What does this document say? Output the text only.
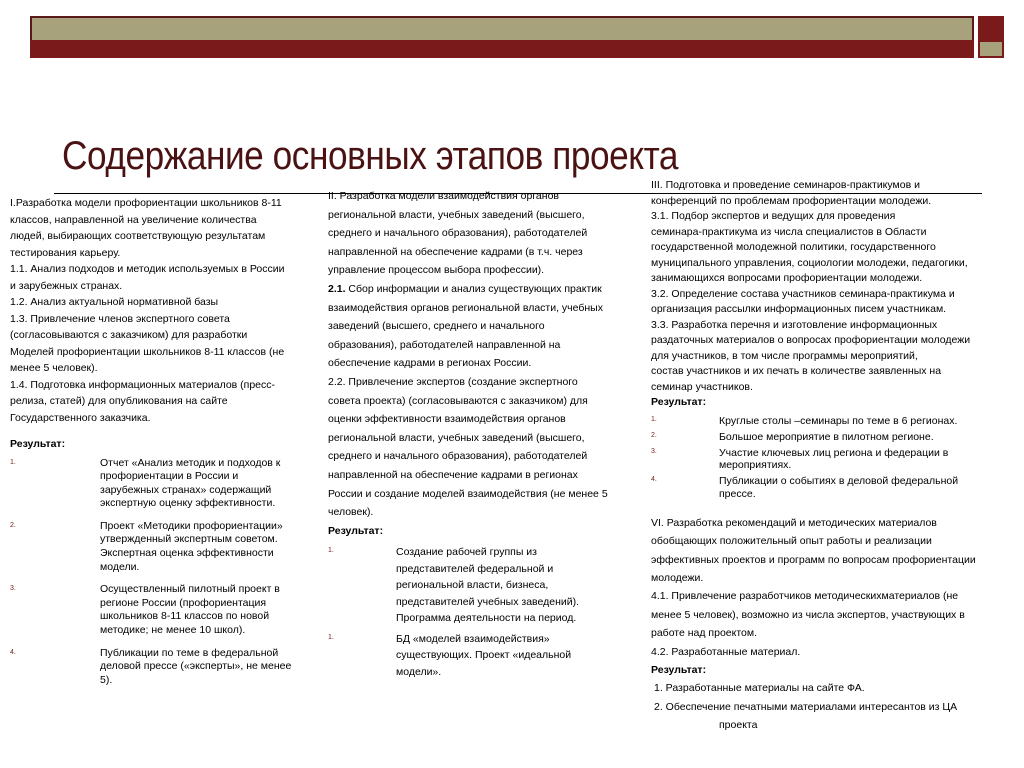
Содержание основных этапов проекта

I.Разработка модели профориентации школьников 8-11

классов, направленной на увеличение количества

людей, выбирающих соответствующую результатам

тестирования карьеру.

1.1. Анализ подходов и методик используемых в России

и зарубежных странах.

1.2. Анализ актуальной нормативной базы

1.3. Привлечение членов экспертного совета

(согласовываются с заказчиком) для разработки

Моделей профориентации школьников 8-11 классов (не

менее 5 человек).

1.4. Подготовка информационных материалов (пресс-

релиза, статей) для опубликования на сайте

Государственного заказчика.

Результат:

1.	Отчет «Анализ методик и подходов к профориентации в России и зарубежных странах» содержащий экспертную оценку эффективности.
2.	Проект «Методики профориентации» утвержденный экспертным советом. Экспертная оценка эффективности модели.
3.	Осуществленный пилотный проект в регионе России (профориентация школьников 8-11 классов по новой методике; не менее 10 школ).
4.	Публикации по теме в федеральной деловой прессе («эксперты», не менее 5).

II. Разработка модели взаимодействия органов

региональной власти, учебных заведений (высшего,

среднего и начального образования), работодателей

направленной на обеспечение кадрами (в т.ч. через

управление процессом выбора профессии).

2.1. Сбор информации и анализ существующих практик

взаимодействия органов региональной власти, учебных

заведений (высшего, среднего и начального

образования), работодателей направленной на

обеспечение кадрами в регионах России.

2.2. Привлечение экспертов (создание экспертного

совета проекта) (согласовываются с заказчиком) для

оценки эффективности взаимодействия органов

региональной власти, учебных заведений (высшего,

среднего и начального образования), работодателей

направленной на обеспечение кадрами в регионах

России и создание моделей взаимодействия (не менее 5

человек).

Результат:

1.	Создание рабочей группы из представителей федеральной и региональной власти, бизнеса, представителей учебных заведений). Программа деятельности на период.
1.	БД «моделей взаимодействия» существующих. Проект «идеальной модели».

III. Подготовка и проведение семинаров-практикумов и

конференций по проблемам профориентации молодежи.

3.1. Подбор экспертов и ведущих для проведения

семинара-практикума из числа специалистов в Области

государственной молодежной политики, государственного

муниципального управления, социологии молодежи, педагогики,

занимающихся вопросами профориентации молодежи.

3.2. Определение состава участников семинара-практикума и

организация рассылки информационных писем участникам.

3.3. Разработка перечня и изготовление информационных

раздаточных материалов о вопросах профориентации молодежи

для участников, в том числе программы мероприятий,

состав участников и их печать в количестве заявленных на

семинар участников.

Результат:

1.	Круглые столы –семинары по теме в 6 регионах.
2.	Большое мероприятие в пилотном регионе.
3.	Участие ключевых лиц региона и федерации в мероприятиях.
4.	Публикации о событиях в деловой федеральной прессе.

VI. Разработка рекомендаций и методических материалов

обобщающих положительный опыт работы и реализации

эффективных проектов и программ по вопросам профориентации

молодежи.

4.1. Привлечение разработчиков методическихматериалов (не

менее 5 человек), возможно из числа экспертов, участвующих в

работе над проектом.

4.2. Разработанные материал.

Результат:

1. Разработанные материалы на сайте ФА.

2. Обеспечение печатными материалами интересантов из ЦА

проекта
